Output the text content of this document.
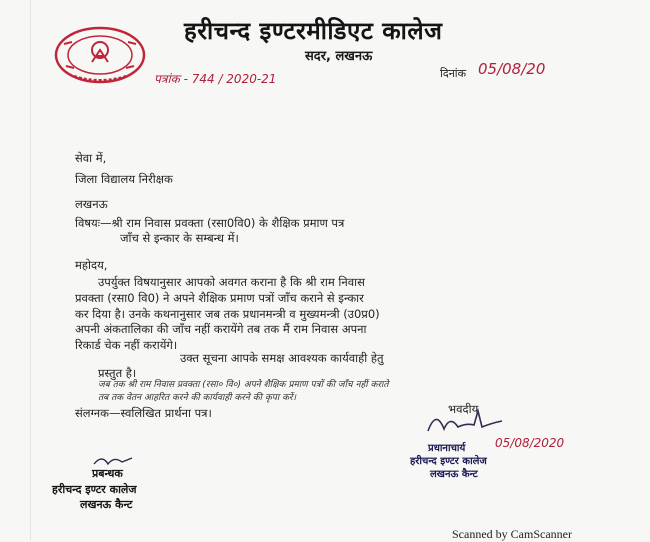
हरीचन्द इण्टरमीडिएट कालेज
सदर, लखनऊ
पत्रांक - 744 / 2020-21	दिनांक 05/08/20
सेवा में,
जिला विद्यालय निरीक्षक
लखनऊ
विषयः—श्री राम निवास प्रवक्ता (रसा0वि0) के शैक्षिक प्रमाण पत्र
जाँच से इन्कार के सम्बन्ध में।
महोदय,
उपर्युक्त विषयानुसार आपको अवगत कराना है कि श्री राम निवास
प्रवक्ता (रसा0 वि0) ने अपने शैक्षिक प्रमाण पत्रों जाँच कराने से इन्कार
कर दिया है। उनके कथनानुसार जब तक प्रधानमन्त्री व मुख्यमन्त्री (उ0प्र0)
अपनी अंकतालिका की जाँच नहीं करायेंगे तब तक मैं राम निवास अपना
रिकार्ड चेक नहीं करायेंगे।
उक्त सूचना आपके समक्ष आवश्यक कार्यवाही हेतु
प्रस्तुत है।
जब तक श्री राम निवास प्रवक्ता (रसा० वि०) अपने शैक्षिक प्रमाण पत्रों की जाँच नहीं कराते
तब तक वेतन आहरित करने की कार्यवाही करने की कृपा करें।
संलग्नक—स्वलिखित प्रार्थना पत्र।	भवदीय
05/08/2020
प्रधानाचार्य
हरीचन्द इण्टर कालेज
लखनऊ कैन्ट
प्रबन्धक
हरीचन्द इण्टर कालेज
लखनऊ कैन्ट
Scanned by CamScanner
